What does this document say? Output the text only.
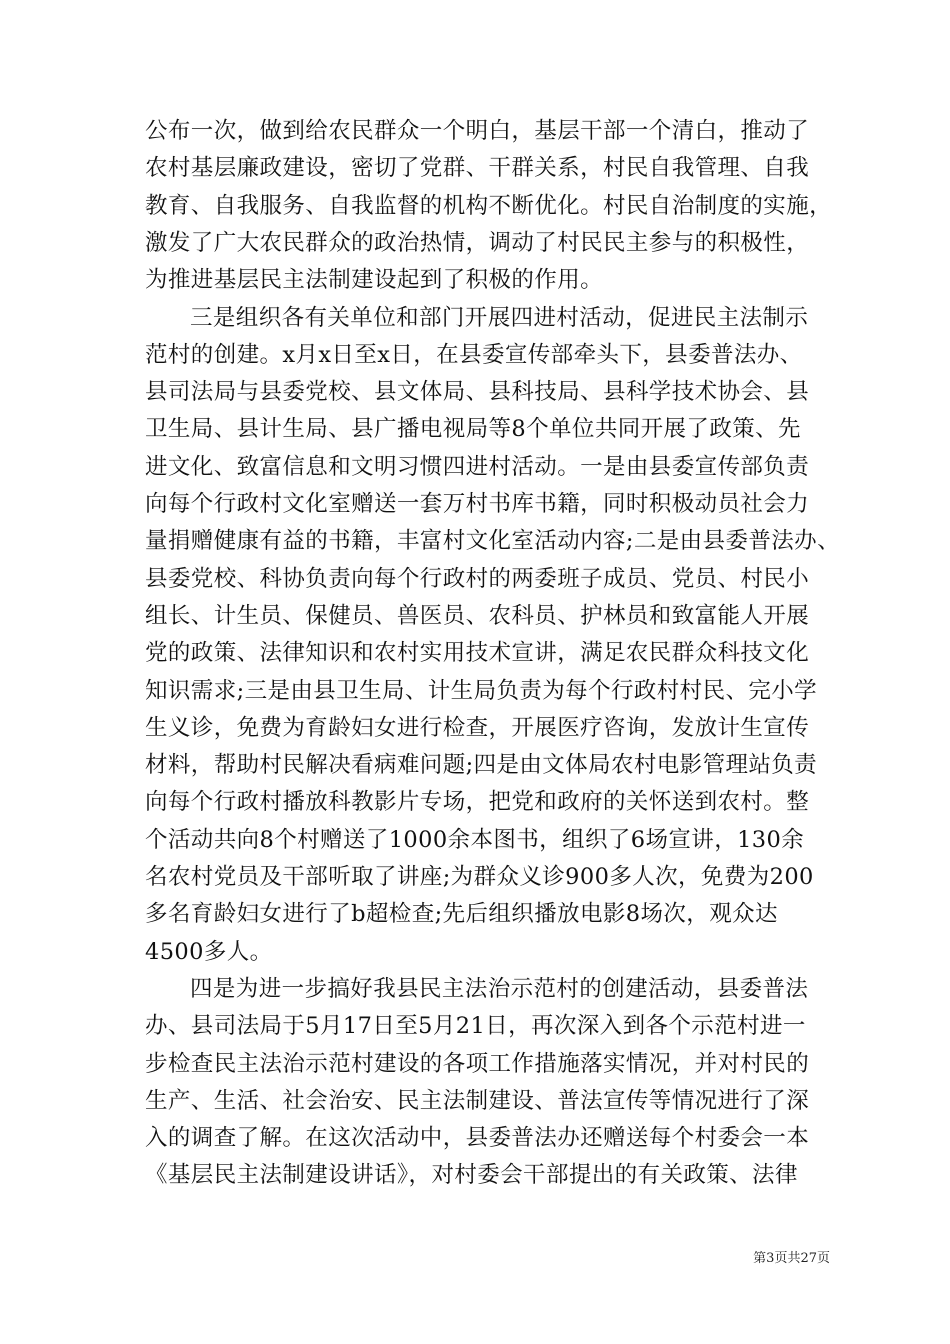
公布一次，做到给农民群众一个明白，基层干部一个清白，推动了
农村基层廉政建设，密切了党群、干群关系，村民自我管理、自我
教育、自我服务、自我监督的机构不断优化。村民自治制度的实施，
激发了广大农民群众的政治热情，调动了村民民主参与的积极性，
为推进基层民主法制建设起到了积极的作用。
三是组织各有关单位和部门开展四进村活动，促进民主法制示
范村的创建。x月x日至x日，在县委宣传部牵头下，县委普法办、
县司法局与县委党校、县文体局、县科技局、县科学技术协会、县
卫生局、县计生局、县广播电视局等8个单位共同开展了政策、先
进文化、致富信息和文明习惯四进村活动。一是由县委宣传部负责
向每个行政村文化室赠送一套万村书库书籍，同时积极动员社会力
量捐赠健康有益的书籍，丰富村文化室活动内容;二是由县委普法办、
县委党校、科协负责向每个行政村的两委班子成员、党员、村民小
组长、计生员、保健员、兽医员、农科员、护林员和致富能人开展
党的政策、法律知识和农村实用技术宣讲，满足农民群众科技文化
知识需求;三是由县卫生局、计生局负责为每个行政村村民、完小学
生义诊，免费为育龄妇女进行检查，开展医疗咨询，发放计生宣传
材料，帮助村民解决看病难问题;四是由文体局农村电影管理站负责
向每个行政村播放科教影片专场，把党和政府的关怀送到农村。整
个活动共向8个村赠送了1000余本图书，组织了6场宣讲，130余
名农村党员及干部听取了讲座;为群众义诊900多人次，免费为200
多名育龄妇女进行了b超检查;先后组织播放电影8场次，观众达
4500多人。
四是为进一步搞好我县民主法治示范村的创建活动，县委普法
办、县司法局于5月17日至5月21日，再次深入到各个示范村进一
步检查民主法治示范村建设的各项工作措施落实情况，并对村民的
生产、生活、社会治安、民主法制建设、普法宣传等情况进行了深
入的调查了解。在这次活动中，县委普法办还赠送每个村委会一本
《基层民主法制建设讲话》，对村委会干部提出的有关政策、法律
第3页共27页
